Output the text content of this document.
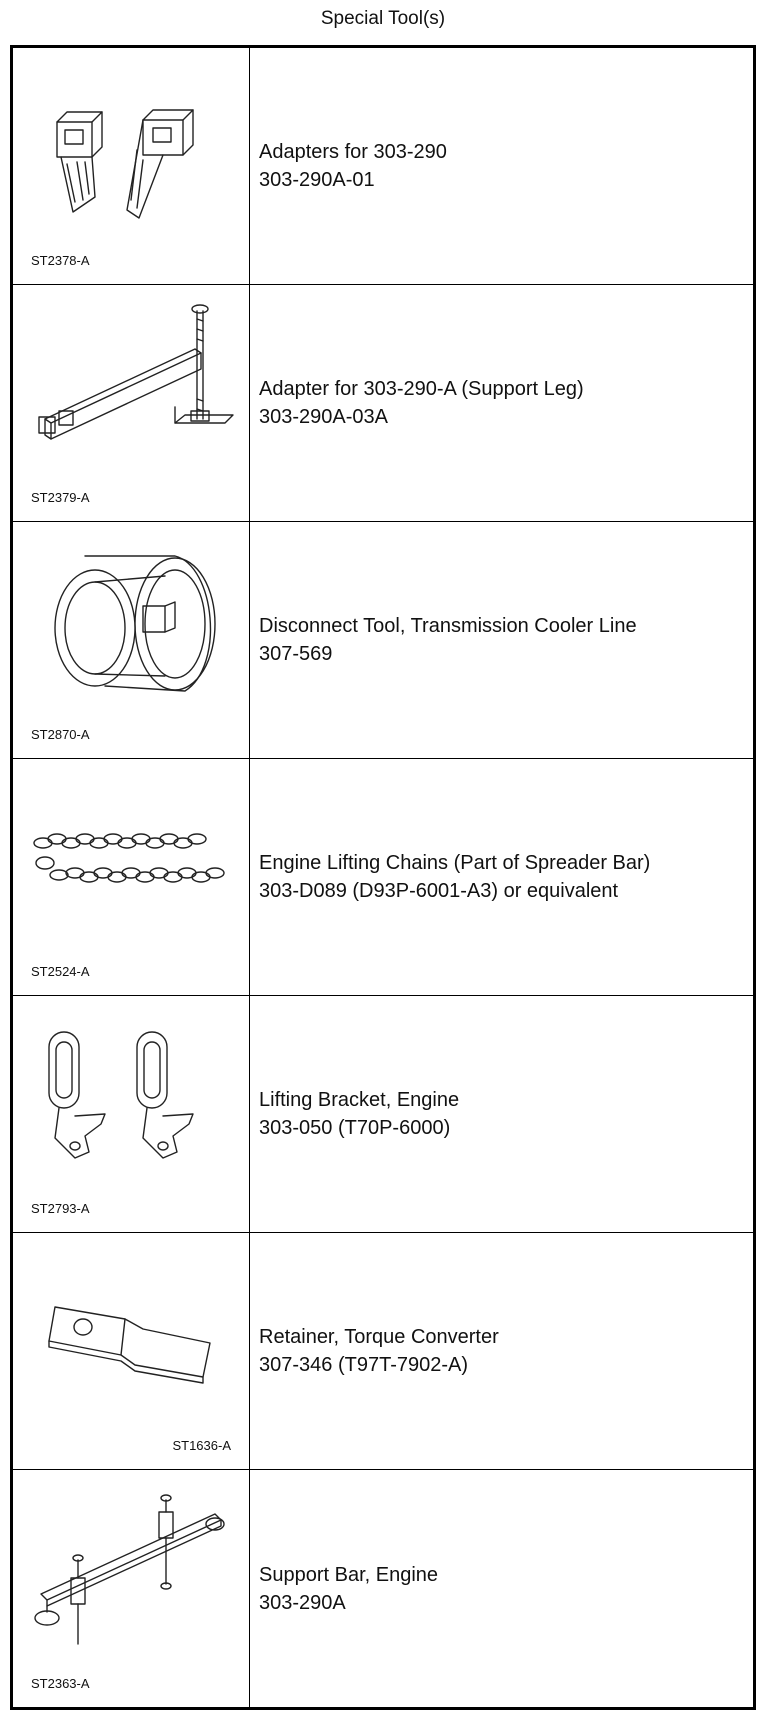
Special Tool(s)
ST2378-A
Adapters for 303-290
303-290A-01
ST2379-A
Adapter for 303-290-A (Support Leg)
303-290A-03A
ST2870-A
Disconnect Tool, Transmission Cooler Line
307-569
ST2524-A
Engine Lifting Chains (Part of Spreader Bar)
303-D089 (D93P-6001-A3) or equivalent
ST2793-A
Lifting Bracket, Engine
303-050 (T70P-6000)
ST1636-A
Retainer, Torque Converter
307-346 (T97T-7902-A)
ST2363-A
Support Bar, Engine
303-290A
